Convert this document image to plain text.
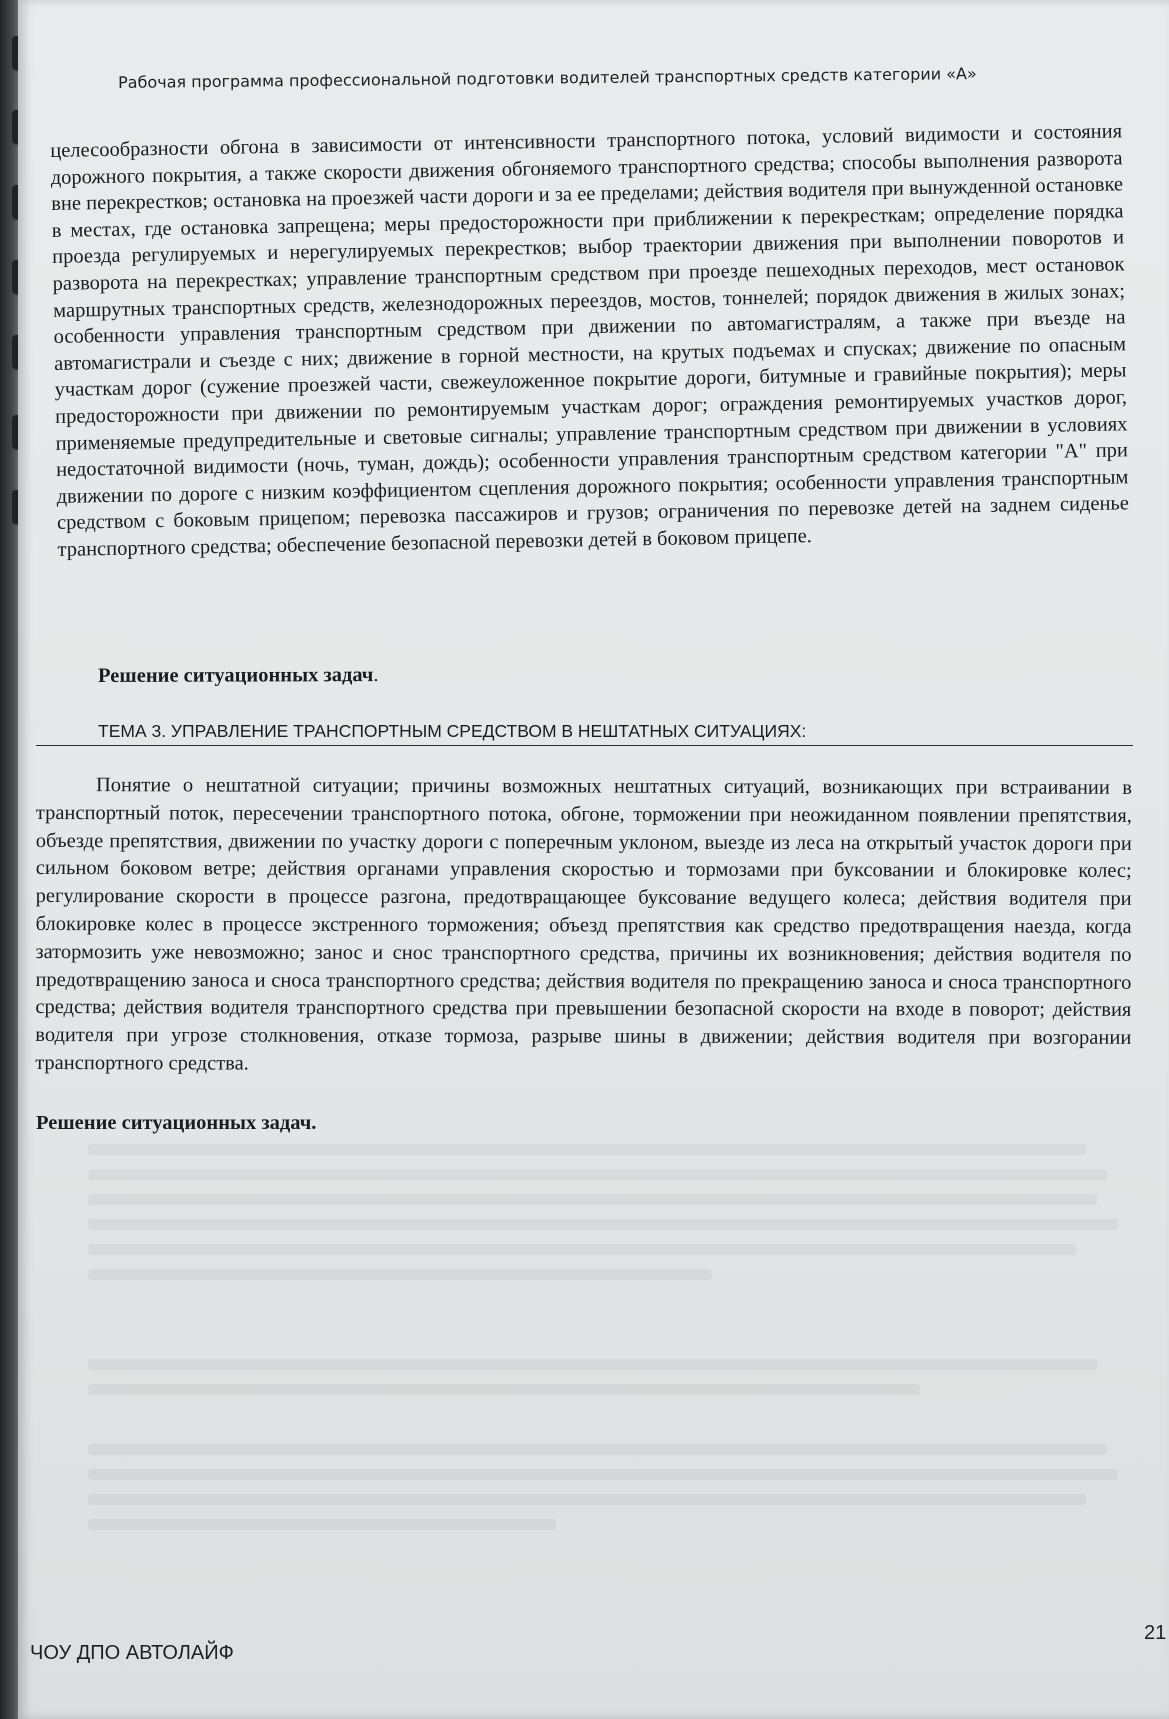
Рабочая программа профессиональной подготовки водителей транспортных средств категории «А»
целесообразности обгона в зависимости от интенсивности транспортного потока, условий видимости и состояния дорожного покрытия, а также скорости движения обгоняемого транспортного средства; способы выполнения разворота вне перекрестков; остановка на проезжей части дороги и за ее пределами; действия водителя при вынужденной остановке в местах, где остановка запрещена; меры предосторожности при приближении к перекресткам; определение порядка проезда регулируемых и нерегулируемых перекрестков; выбор траектории движения при выполнении поворотов и разворота на перекрестках; управление транспортным средством при проезде пешеходных переходов, мест остановок маршрутных транспортных средств, железнодорожных переездов, мостов, тоннелей; порядок движения в жилых зонах; особенности управления транспортным средством при движении по автомагистралям, а также при въезде на автомагистрали и съезде с них; движение в горной местности, на крутых подъемах и спусках; движение по опасным участкам дорог (сужение проезжей части, свежеуложенное покрытие дороги, битумные и гравийные покрытия); меры предосторожности при движении по ремонтируемым участкам дорог; ограждения ремонтируемых участков дорог, применяемые предупредительные и световые сигналы; управление транспортным средством при движении в условиях недостаточной видимости (ночь, туман, дождь); особенности управления транспортным средством категории "А" при движении по дороге с низким коэффициентом сцепления дорожного покрытия; особенности управления транспортным средством с боковым прицепом; перевозка пассажиров и грузов; ограничения по перевозке детей на заднем сиденье транспортного средства; обеспечение безопасной перевозки детей в боковом прицепе.
Решение ситуационных задач.
ТЕМА 3. УПРАВЛЕНИЕ ТРАНСПОРТНЫМ СРЕДСТВОМ В НЕШТАТНЫХ СИТУАЦИЯХ:
Понятие о нештатной ситуации; причины возможных нештатных ситуаций, возникающих при встраивании в транспортный поток, пересечении транспортного потока, обгоне, торможении при неожиданном появлении препятствия, объезде препятствия, движении по участку дороги с поперечным уклоном, выезде из леса на открытый участок дороги при сильном боковом ветре; действия органами управления скоростью и тормозами при буксовании и блокировке колес; регулирование скорости в процессе разгона, предотвращающее буксование ведущего колеса; действия водителя при блокировке колес в процессе экстренного торможения; объезд препятствия как средство предотвращения наезда, когда затормозить уже невозможно; занос и снос транспортного средства, причины их возникновения; действия водителя по предотвращению заноса и сноса транспортного средства; действия водителя по прекращению заноса и сноса транспортного средства; действия водителя транспортного средства при превышении безопасной скорости на входе в поворот; действия водителя при угрозе столкновения, отказе тормоза, разрыве шины в движении; действия водителя при возгорании транспортного средства.
Решение ситуационных задач.
ЧОУ ДПО АВТОЛАЙФ
21
